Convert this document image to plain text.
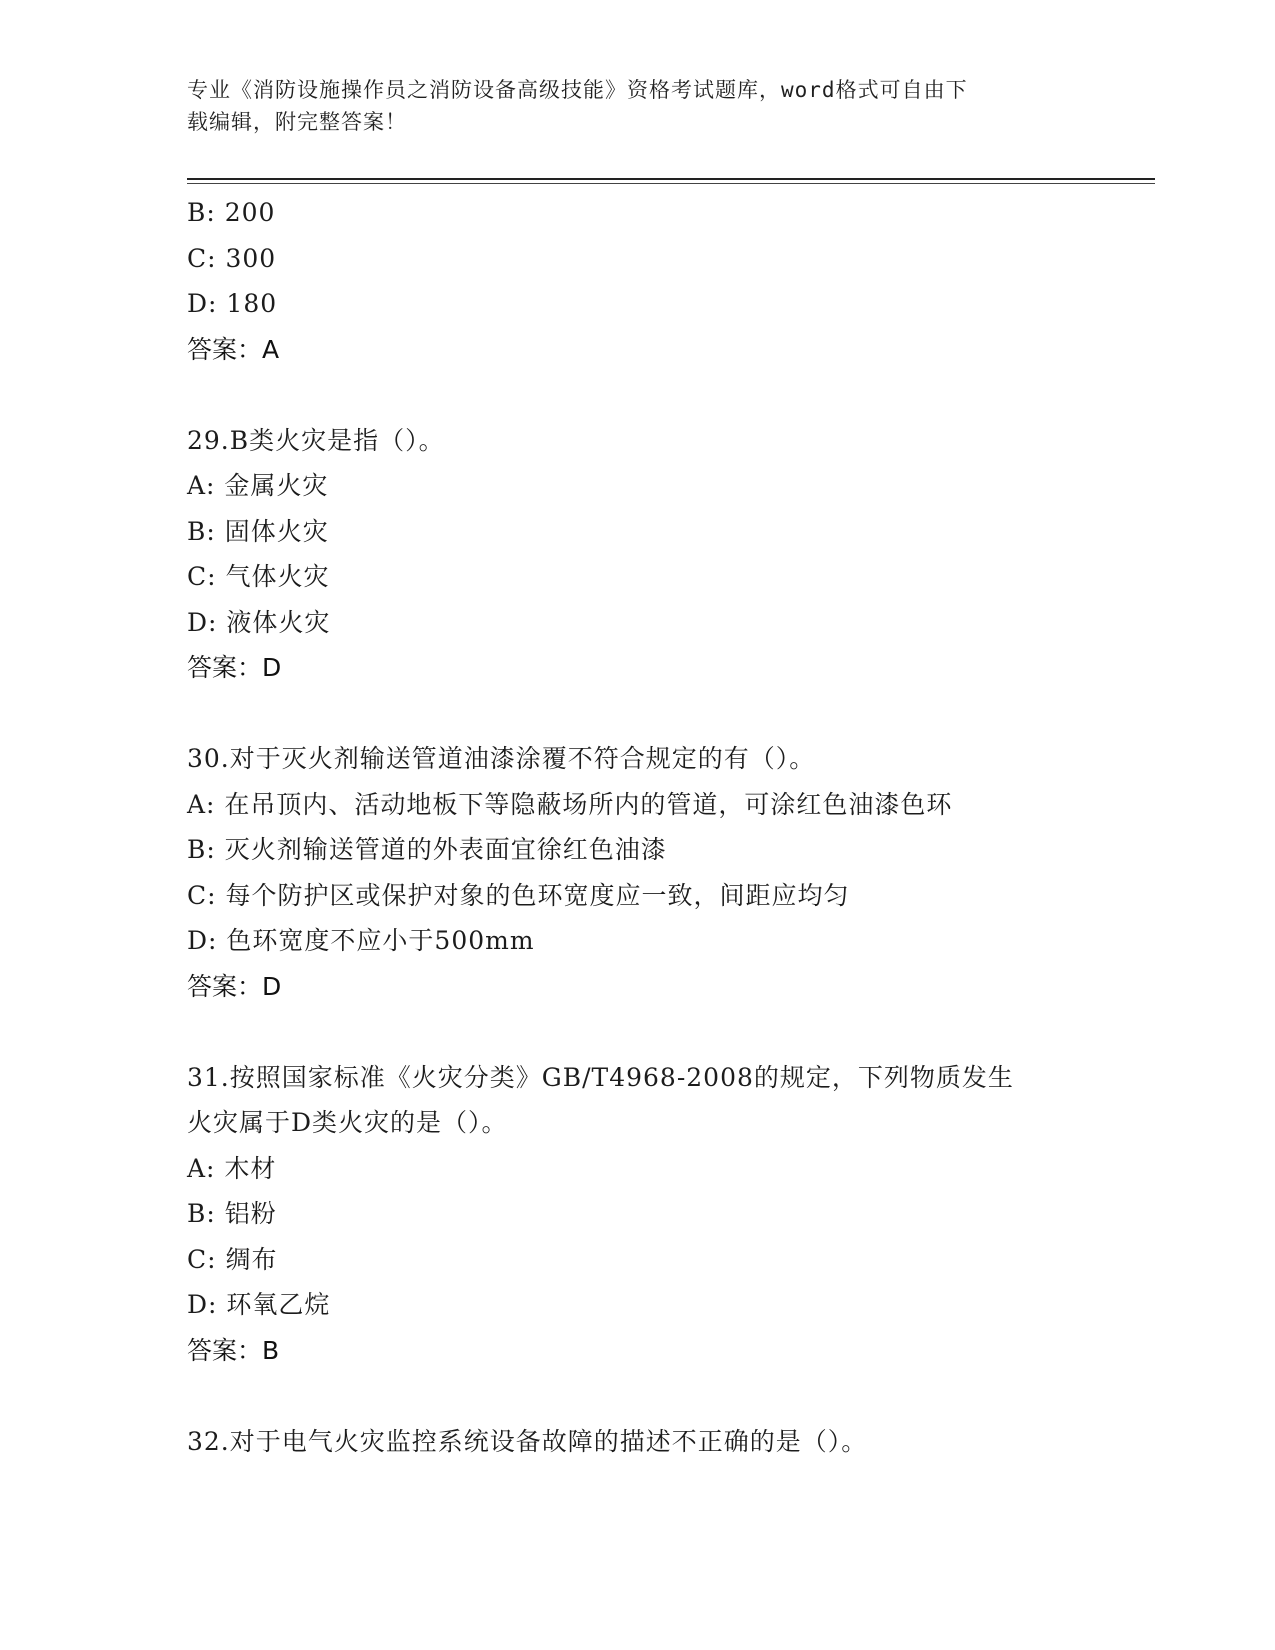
专业《消防设施操作员之消防设备高级技能》资格考试题库，word格式可自由下
载编辑，附完整答案！
B: 200
C: 300
D: 180
答案：A
29.B类火灾是指（）。
A: 金属火灾
B: 固体火灾
C: 气体火灾
D: 液体火灾
答案：D
30.对于灭火剂输送管道油漆涂覆不符合规定的有（）。
A: 在吊顶内、活动地板下等隐蔽场所内的管道，可涂红色油漆色环
B: 灭火剂输送管道的外表面宜徐红色油漆
C: 每个防护区或保护对象的色环宽度应一致，间距应均匀
D: 色环宽度不应小于500mm
答案：D
31.按照国家标准《火灾分类》GB/T4968-2008的规定，下列物质发生
火灾属于D类火灾的是（）。
A: 木材
B: 铝粉
C: 绸布
D: 环氧乙烷
答案：B
32.对于电气火灾监控系统设备故障的描述不正确的是（）。
